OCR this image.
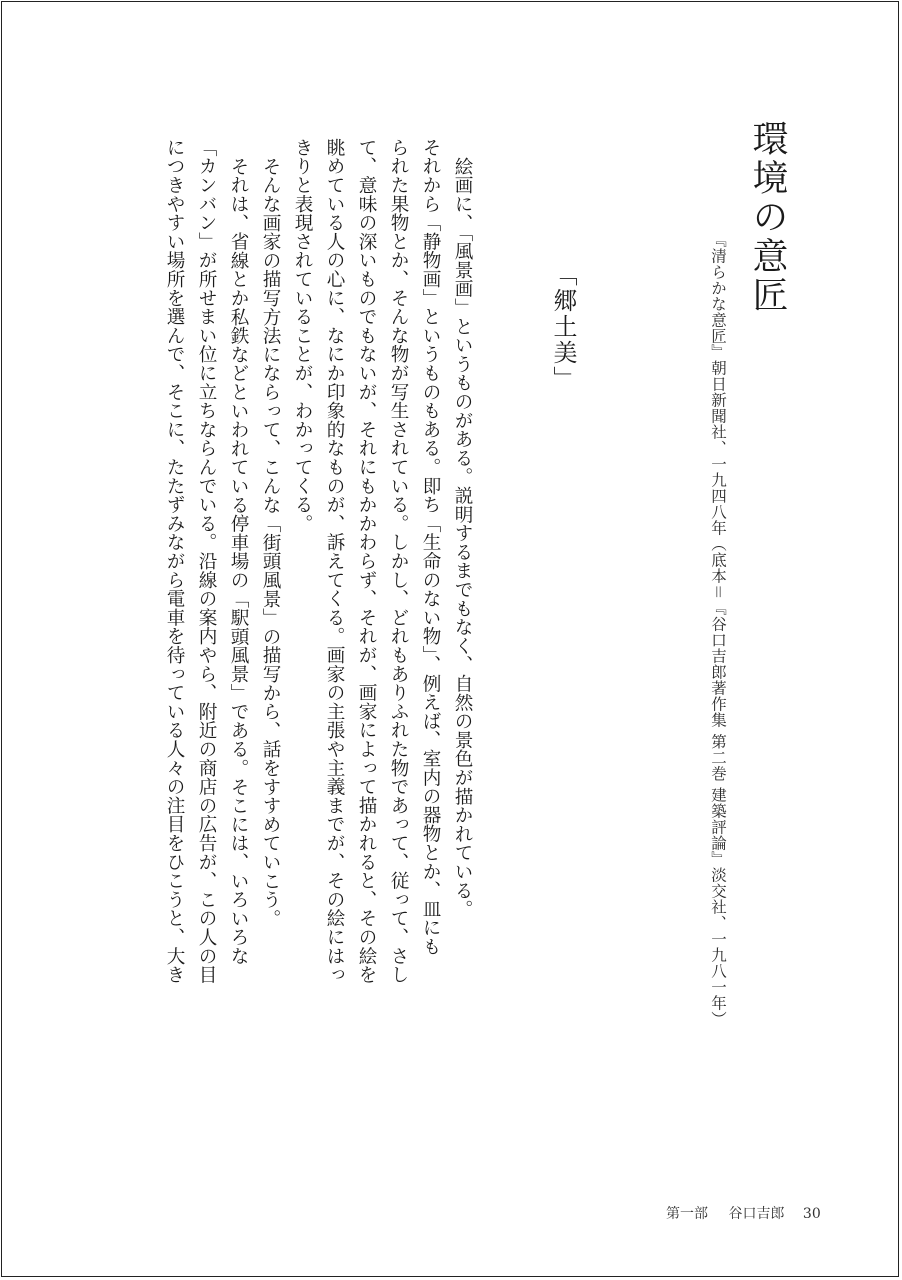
環境の意匠
『清らかな意匠』朝日新聞社、一九四八年（底本＝『谷口吉郎著作集 第二巻 建築評論』淡交社、一九八一年）
「郷土美」
絵画に、「風景画」というものがある。説明するまでもなく、自然の景色が描かれている。
それから「静物画」というものもある。即ち「生命のない物」、例えば、室内の器物とか、皿にも
られた果物とか、そんな物が写生されている。しかし、どれもありふれた物であって、従って、さし
て、意味の深いものでもないが、それにもかかわらず、それが、画家によって描かれると、その絵を
眺めている人の心に、なにか印象的なものが、訴えてくる。画家の主張や主義までが、その絵にはっ
きりと表現されていることが、わかってくる。
そんな画家の描写方法にならって、こんな「街頭風景」の描写から、話をすすめていこう。
それは、省線とか私鉄などといわれている停車場の「駅頭風景」である。そこには、いろいろな
「カンバン」が所せまい位に立ちならんでいる。沿線の案内やら、附近の商店の広告が、この人の目
につきやすい場所を選んで、そこに、たたずみながら電車を待っている人々の注目をひこうと、大き
第一部 谷口吉郎 30
